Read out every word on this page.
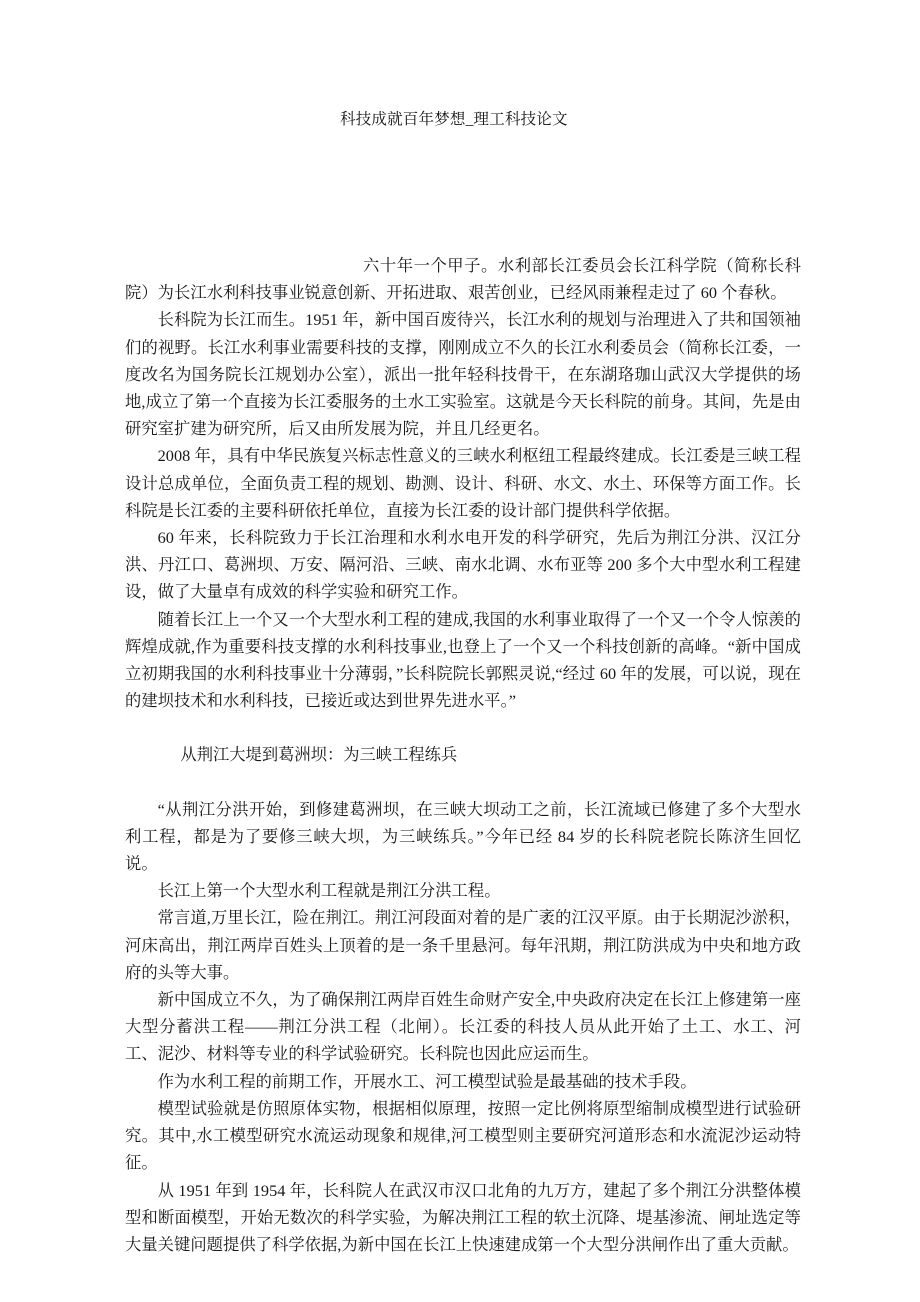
科技成就百年梦想_理工科技论文

六十年一个甲子。水利部长江委员会长江科学院（简称长科院）为长江水利科技事业锐意创新、开拓进取、艰苦创业，已经风雨兼程走过了 60 个春秋。

长科院为长江而生。1951 年，新中国百废待兴，长江水利的规划与治理进入了共和国领袖们的视野。长江水利事业需要科技的支撑，刚刚成立不久的长江水利委员会（简称长江委，一度改名为国务院长江规划办公室），派出一批年轻科技骨干，在东湖珞珈山武汉大学提供的场地,成立了第一个直接为长江委服务的土水工实验室。这就是今天长科院的前身。其间，先是由研究室扩建为研究所，后又由所发展为院，并且几经更名。

2008 年，具有中华民族复兴标志性意义的三峡水利枢纽工程最终建成。长江委是三峡工程设计总成单位，全面负责工程的规划、勘测、设计、科研、水文、水土、环保等方面工作。长科院是长江委的主要科研依托单位，直接为长江委的设计部门提供科学依据。

60 年来，长科院致力于长江治理和水利水电开发的科学研究，先后为荆江分洪、汉江分洪、丹江口、葛洲坝、万安、隔河沿、三峡、南水北调、水布亚等 200 多个大中型水利工程建设，做了大量卓有成效的科学实验和研究工作。

随着长江上一个又一个大型水利工程的建成,我国的水利事业取得了一个又一个令人惊羡的辉煌成就,作为重要科技支撑的水利科技事业,也登上了一个又一个科技创新的高峰。“新中国成立初期我国的水利科技事业十分薄弱，”长科院院长郭熙灵说,“经过 60 年的发展，可以说，现在的建坝技术和水利科技，已接近或达到世界先进水平。”

从荆江大堤到葛洲坝：为三峡工程练兵

“从荆江分洪开始，到修建葛洲坝，在三峡大坝动工之前，长江流域已修建了多个大型水利工程，都是为了要修三峡大坝，为三峡练兵。”今年已经 84 岁的长科院老院长陈济生回忆说。

长江上第一个大型水利工程就是荆江分洪工程。

常言道,万里长江，险在荆江。荆江河段面对着的是广袤的江汉平原。由于长期泥沙淤积，河床高出，荆江两岸百姓头上顶着的是一条千里悬河。每年汛期，荆江防洪成为中央和地方政府的头等大事。

新中国成立不久，为了确保荆江两岸百姓生命财产安全,中央政府决定在长江上修建第一座大型分蓄洪工程——荆江分洪工程（北闸）。长江委的科技人员从此开始了土工、水工、河工、泥沙、材料等专业的科学试验研究。长科院也因此应运而生。

作为水利工程的前期工作，开展水工、河工模型试验是最基础的技术手段。

模型试验就是仿照原体实物，根据相似原理，按照一定比例将原型缩制成模型进行试验研究。其中,水工模型研究水流运动现象和规律,河工模型则主要研究河道形态和水流泥沙运动特征。

从 1951 年到 1954 年，长科院人在武汉市汉口北角的九万方，建起了多个荆江分洪整体模型和断面模型，开始无数次的科学实验，为解决荆江工程的软土沉降、堤基渗流、闸址选定等大量关键问题提供了科学依据,为新中国在长江上快速建成第一个大型分洪闸作出了重大贡献。
